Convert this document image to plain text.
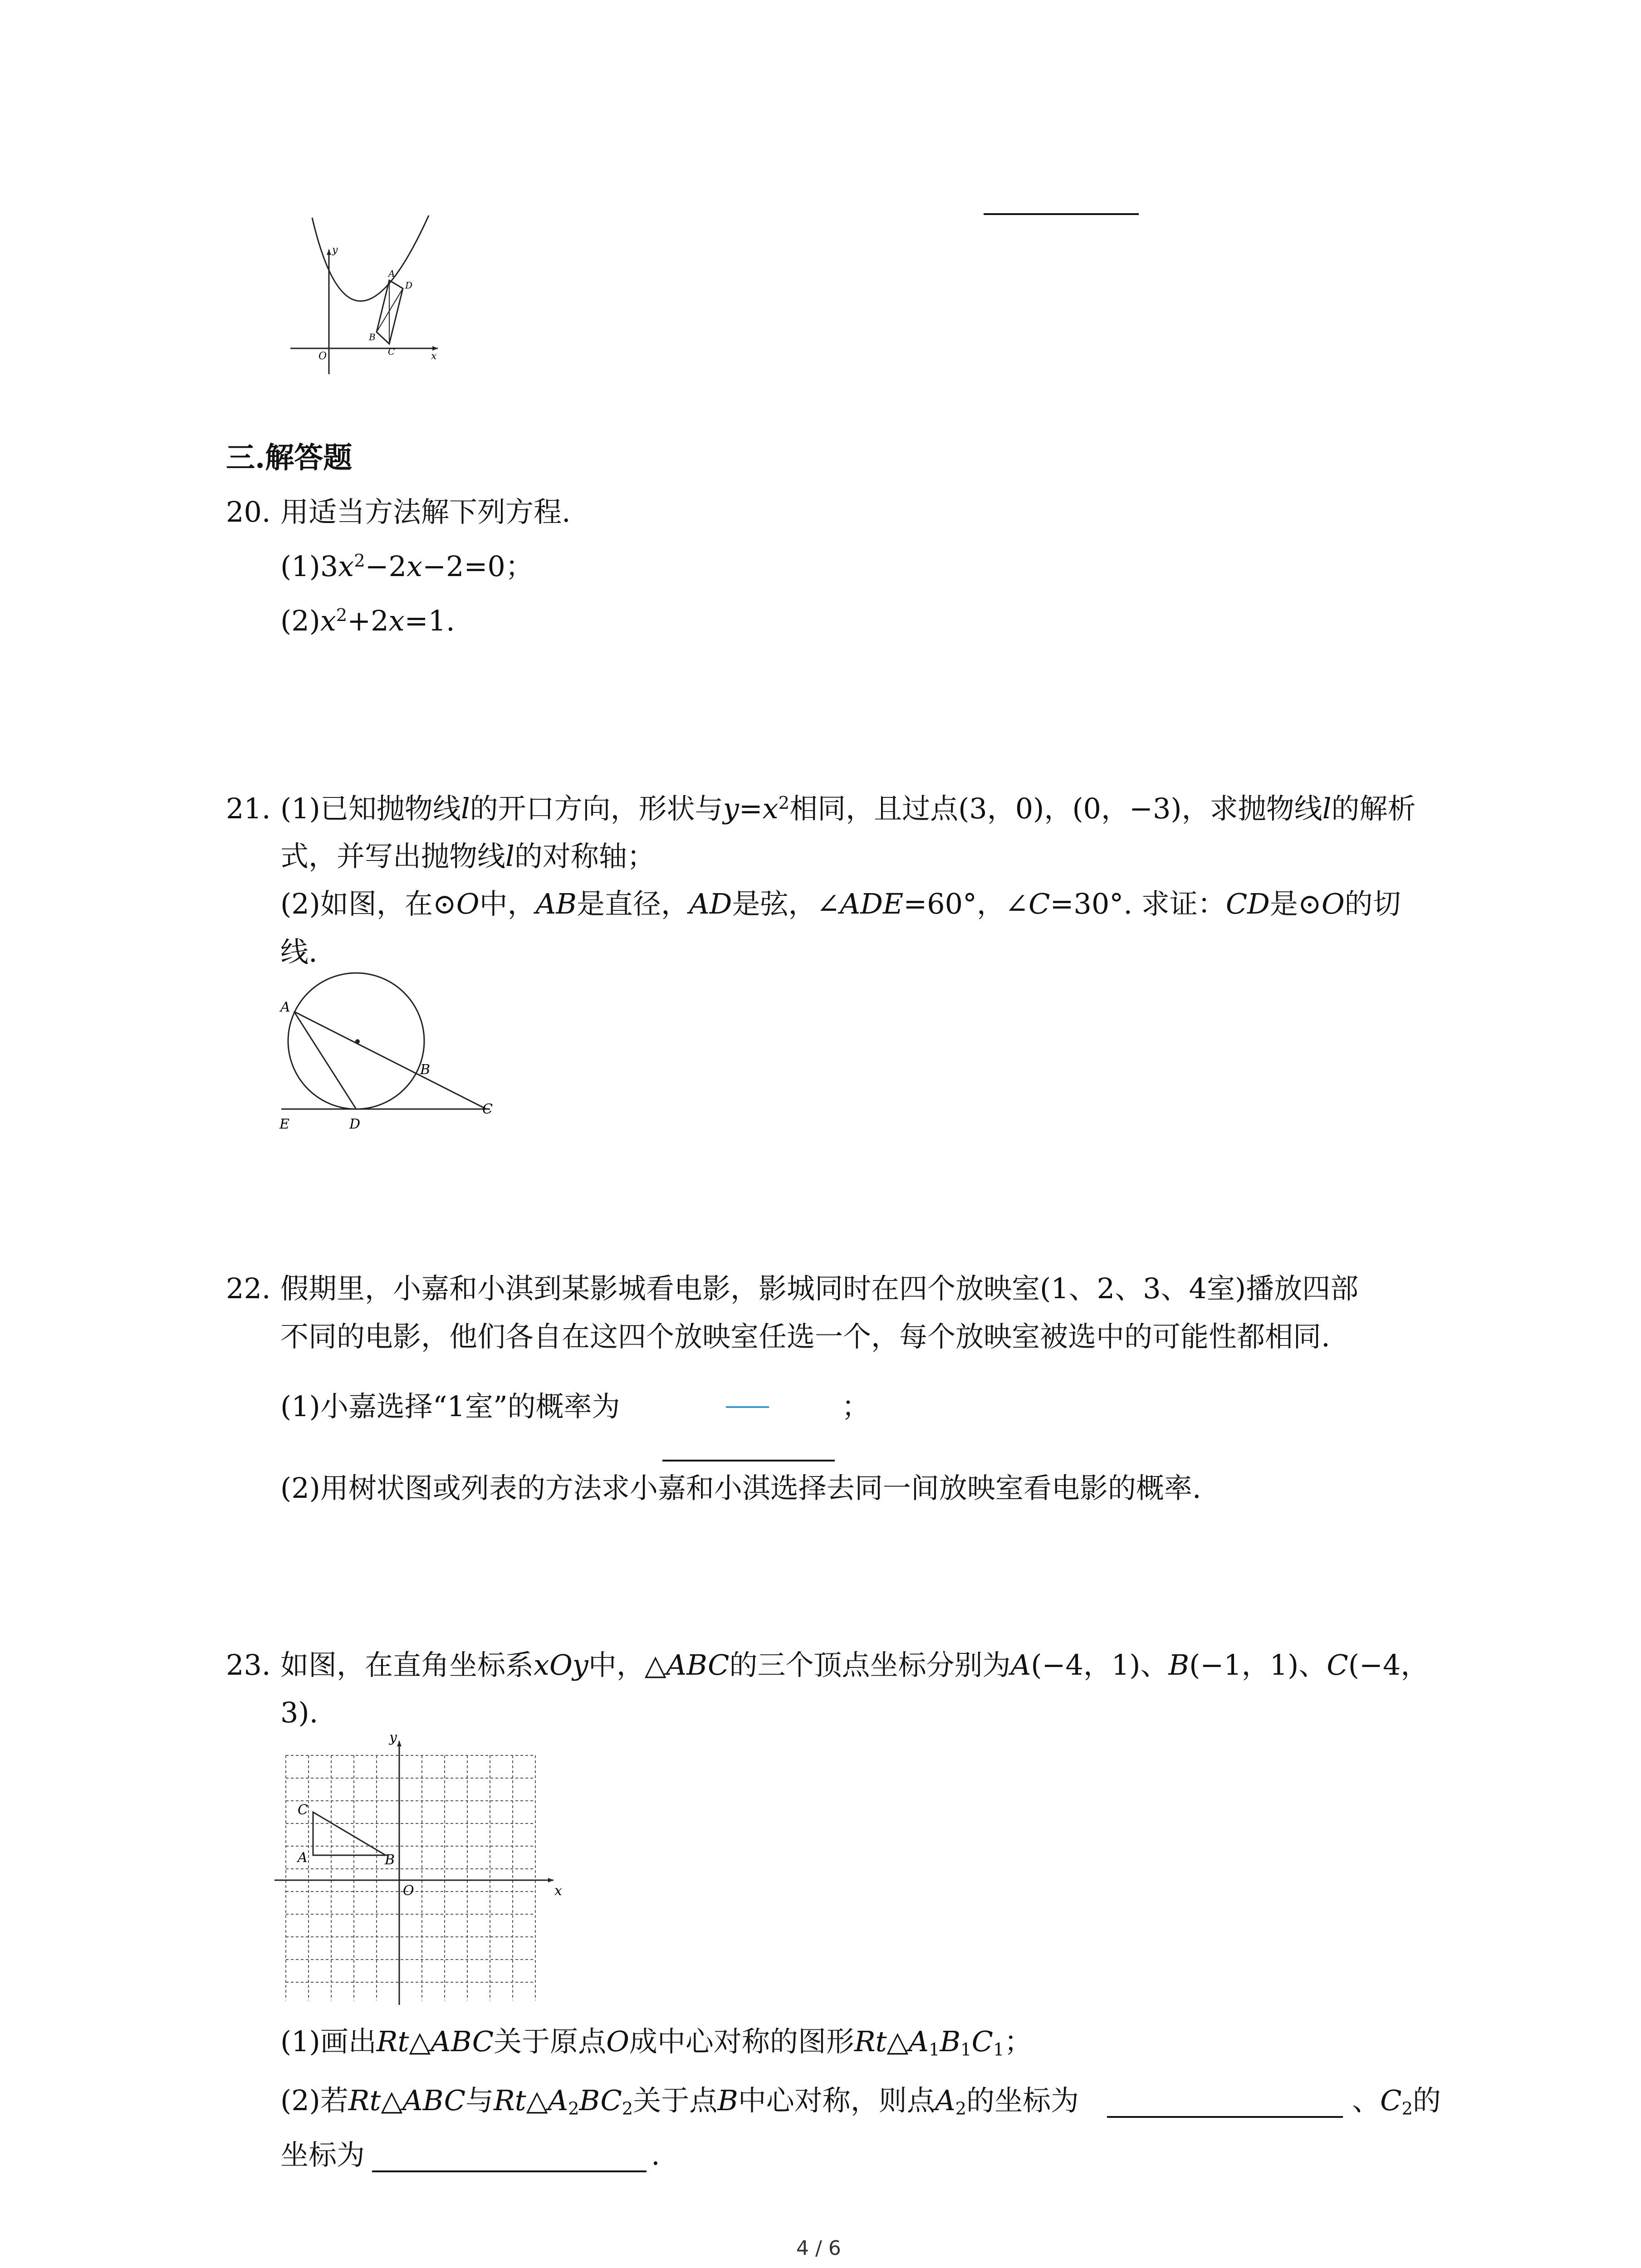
y
x
O
A
B
C
D
三.解答题
20. 用适当方法解下列方程.
$(1)3x^2-2x-2=0$；
$(2)x^2+2x=1$.
21. (1)已知抛物线l的开口方向，形状与$y=x^2$相同，且过点(3，0)，(0，−3)，求抛物线l的解析
式，并写出抛物线l的对称轴；
(2)如图，在⊙O中，AB是直径，AD是弦，∠ADE=60°，∠C=30°. 求证：CD是⊙O的切
线.
A
B
C
D
E
22. 假期里，小嘉和小淇到某影城看电影，影城同时在四个放映室(1、2、3、4室)播放四部
不同的电影，他们各自在这四个放映室任选一个，每个放映室被选中的可能性都相同.
(1)小嘉选择“1室”的概率为	；
(2)用树状图或列表的方法求小嘉和小淇选择去同一间放映室看电影的概率.
23. 如图，在直角坐标系xOy中，△ABC的三个顶点坐标分别为A(−4，1)、B(−1，1)、C(−4，
3).
y
x
O
A	B
C
(1)画出Rt△ABC关于原点O成中心对称的图形$Rt\triangle A_1B_1C_1$；
(2)若Rt△ABC与$Rt\triangle A_2BC_2$关于点B中心对称，则点$A_2$的坐标为	、$C_2$的
坐标为	.
4 / 6
